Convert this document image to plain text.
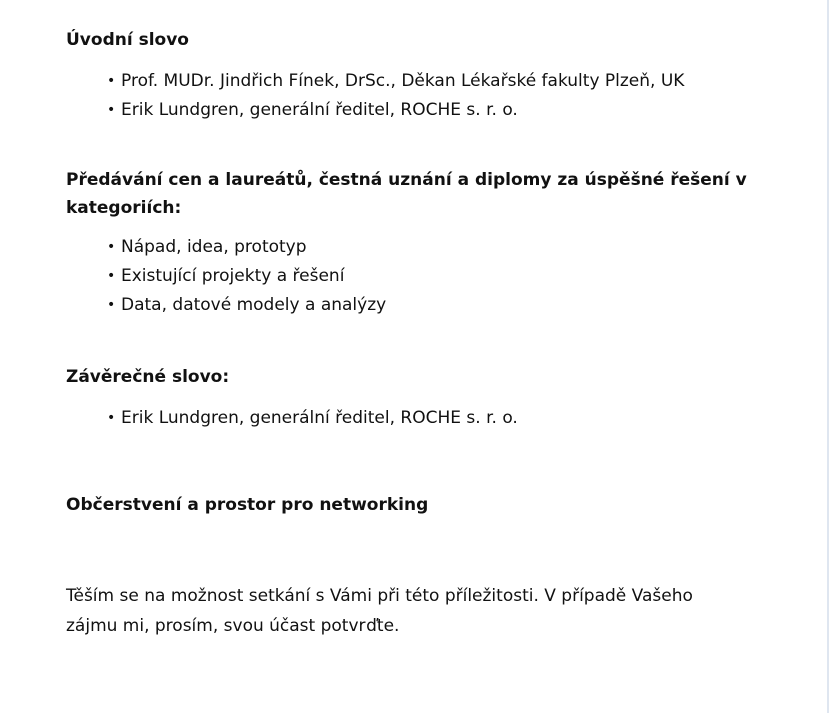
Úvodní slovo

• Prof. MUDr. Jindřich Fínek, DrSc., Děkan Lékařské fakulty Plzeň, UK
• Erik Lundgren, generální ředitel, ROCHE s. r. o.

Předávání cen a laureátů, čestná uznání a diplomy za úspěšné řešení v kategoriích:

• Nápad, idea, prototyp
• Existující projekty a řešení
• Data, datové modely a analýzy

Závěrečné slovo:

• Erik Lundgren, generální ředitel, ROCHE s. r. o.

Občerstvení a prostor pro networking

Těším se na možnost setkání s Vámi při této příležitosti. V případě Vašeho zájmu mi, prosím, svou účast potvrďte.
